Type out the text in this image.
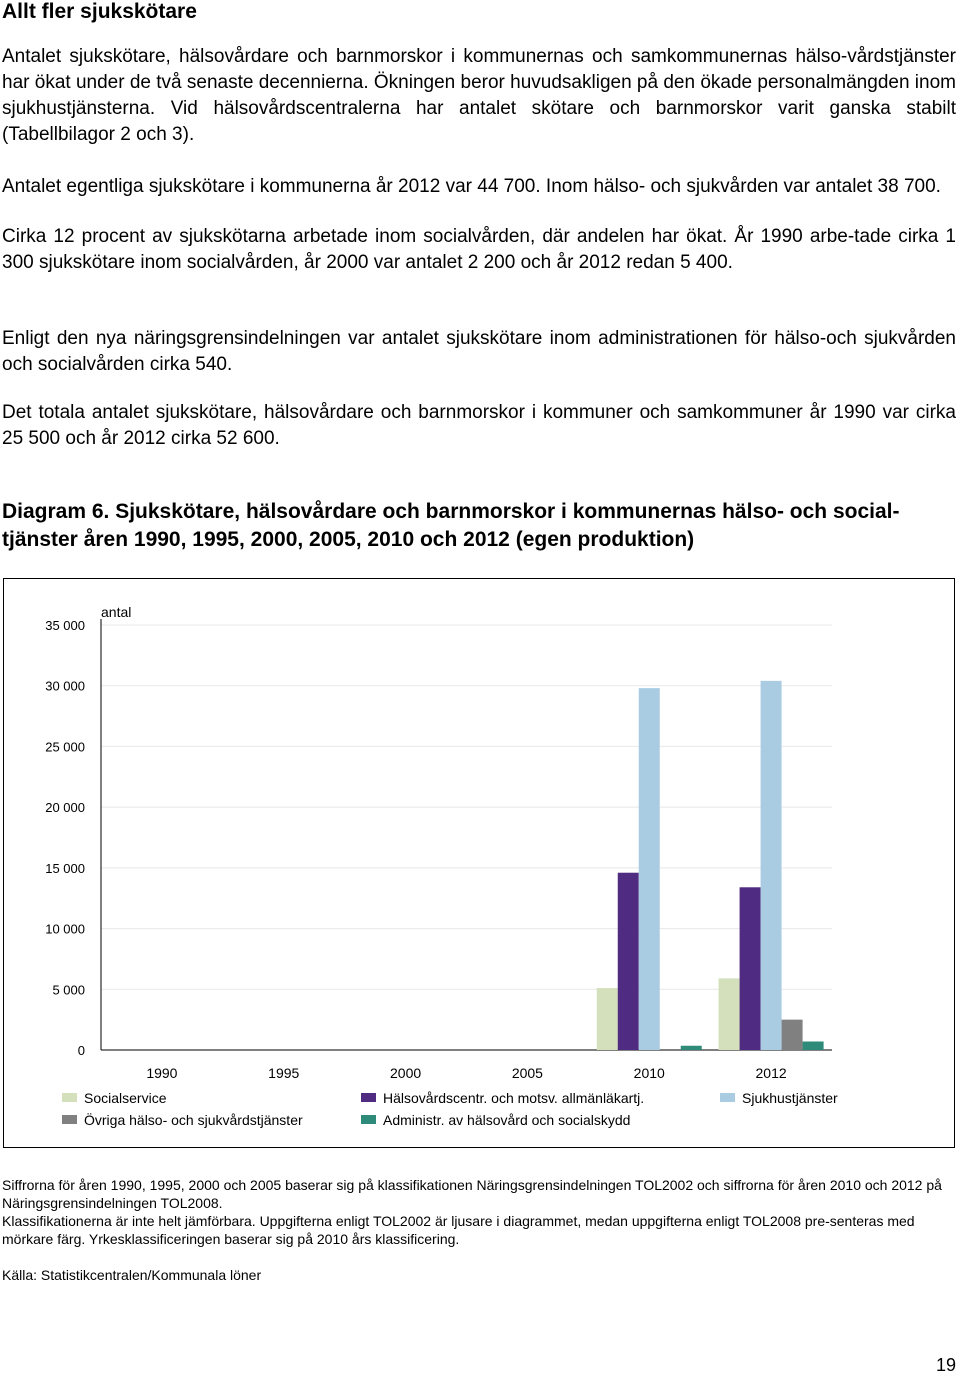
Allt fler sjukskötare

Antalet sjukskötare, hälsovårdare och barnmorskor i kommunernas och samkommunernas hälso-vårdstjänster har ökat under de två senaste decennierna. Ökningen beror huvudsakligen på den ökade personalmängden inom sjukhustjänsterna. Vid hälsovårdscentralerna har antalet skötare och barnmorskor varit ganska stabilt (Tabellbilagor 2 och 3).

Antalet egentliga sjukskötare i kommunerna år 2012 var 44 700. Inom hälso- och sjukvården var antalet 38 700.

Cirka 12 procent av sjukskötarna arbetade inom socialvården, där andelen har ökat. År 1990 arbe-tade cirka 1 300 sjukskötare inom socialvården, år 2000 var antalet 2 200 och år 2012 redan 5 400.

Enligt den nya näringsgrensindelningen var antalet sjukskötare inom administrationen för hälso-och sjukvården och socialvården cirka 540.

Det totala antalet sjukskötare, hälsovårdare och barnmorskor i kommuner och samkommuner år 1990 var cirka 25 500 och år 2012 cirka 52 600.

Diagram 6. Sjukskötare, hälsovårdare och barnmorskor i kommunernas hälso- och social-tjänster åren 1990, 1995, 2000, 2005, 2010 och 2012 (egen produktion)

0
5 000
10 000
15 000
20 000
25 000
30 000
35 000
antal
1990	1995	2000	2005	2010	2012
Socialservice	Hälsovårdscentr. och motsv. allmänläkartj.	Sjukhustjänster
Övriga hälso- och sjukvårdstjänster	Administr. av hälsovård och socialskydd

Siffrorna för åren 1990, 1995, 2000 och 2005 baserar sig på klassifikationen Näringsgrensindelningen TOL2002 och siffrorna för åren 2010 och 2012 på Näringsgrensindelningen TOL2008.

Klassifikationerna är inte helt jämförbara. Uppgifterna enligt TOL2002 är ljusare i diagrammet, medan uppgifterna enligt TOL2008 pre-senteras med mörkare färg. Yrkesklassificeringen baserar sig på 2010 års klassificering.

Källa: Statistikcentralen/Kommunala löner

19
